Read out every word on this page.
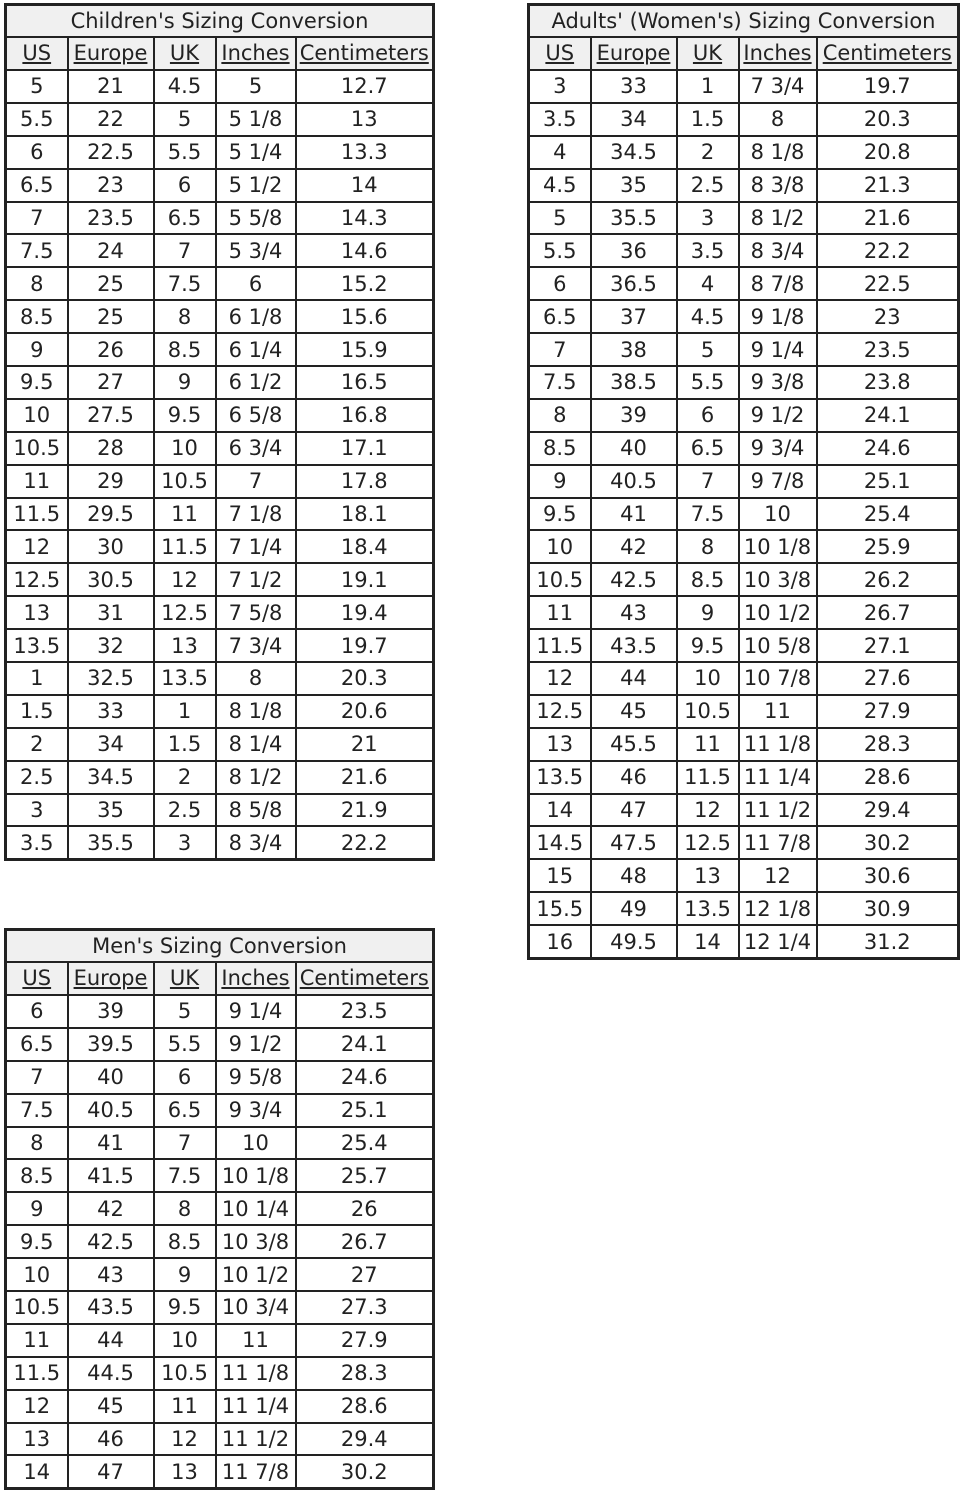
Children's Sizing Conversion				
US	Europe	UK	Inches	Centimeters
5	21	4.5	5	12.7
5.5	22	5	5 1/8	13
6	22.5	5.5	5 1/4	13.3
6.5	23	6	5 1/2	14
7	23.5	6.5	5 5/8	14.3
7.5	24	7	5 3/4	14.6
8	25	7.5	6	15.2
8.5	25	8	6 1/8	15.6
9	26	8.5	6 1/4	15.9
9.5	27	9	6 1/2	16.5
10	27.5	9.5	6 5/8	16.8
10.5	28	10	6 3/4	17.1
11	29	10.5	7	17.8
11.5	29.5	11	7 1/8	18.1
12	30	11.5	7 1/4	18.4
12.5	30.5	12	7 1/2	19.1
13	31	12.5	7 5/8	19.4
13.5	32	13	7 3/4	19.7
1	32.5	13.5	8	20.3
1.5	33	1	8 1/8	20.6
2	34	1.5	8 1/4	21
2.5	34.5	2	8 1/2	21.6
3	35	2.5	8 5/8	21.9
3.5	35.5	3	8 3/4	22.2
Adults' (Women's) Sizing Conversion				
US	Europe	UK	Inches	Centimeters
3	33	1	7 3/4	19.7
3.5	34	1.5	8	20.3
4	34.5	2	8 1/8	20.8
4.5	35	2.5	8 3/8	21.3
5	35.5	3	8 1/2	21.6
5.5	36	3.5	8 3/4	22.2
6	36.5	4	8 7/8	22.5
6.5	37	4.5	9 1/8	23
7	38	5	9 1/4	23.5
7.5	38.5	5.5	9 3/8	23.8
8	39	6	9 1/2	24.1
8.5	40	6.5	9 3/4	24.6
9	40.5	7	9 7/8	25.1
9.5	41	7.5	10	25.4
10	42	8	10 1/8	25.9
10.5	42.5	8.5	10 3/8	26.2
11	43	9	10 1/2	26.7
11.5	43.5	9.5	10 5/8	27.1
12	44	10	10 7/8	27.6
12.5	45	10.5	11	27.9
13	45.5	11	11 1/8	28.3
13.5	46	11.5	11 1/4	28.6
14	47	12	11 1/2	29.4
14.5	47.5	12.5	11 7/8	30.2
15	48	13	12	30.6
15.5	49	13.5	12 1/8	30.9
16	49.5	14	12 1/4	31.2
Men's Sizing Conversion				
US	Europe	UK	Inches	Centimeters
6	39	5	9 1/4	23.5
6.5	39.5	5.5	9 1/2	24.1
7	40	6	9 5/8	24.6
7.5	40.5	6.5	9 3/4	25.1
8	41	7	10	25.4
8.5	41.5	7.5	10 1/8	25.7
9	42	8	10 1/4	26
9.5	42.5	8.5	10 3/8	26.7
10	43	9	10 1/2	27
10.5	43.5	9.5	10 3/4	27.3
11	44	10	11	27.9
11.5	44.5	10.5	11 1/8	28.3
12	45	11	11 1/4	28.6
13	46	12	11 1/2	29.4
14	47	13	11 7/8	30.2
